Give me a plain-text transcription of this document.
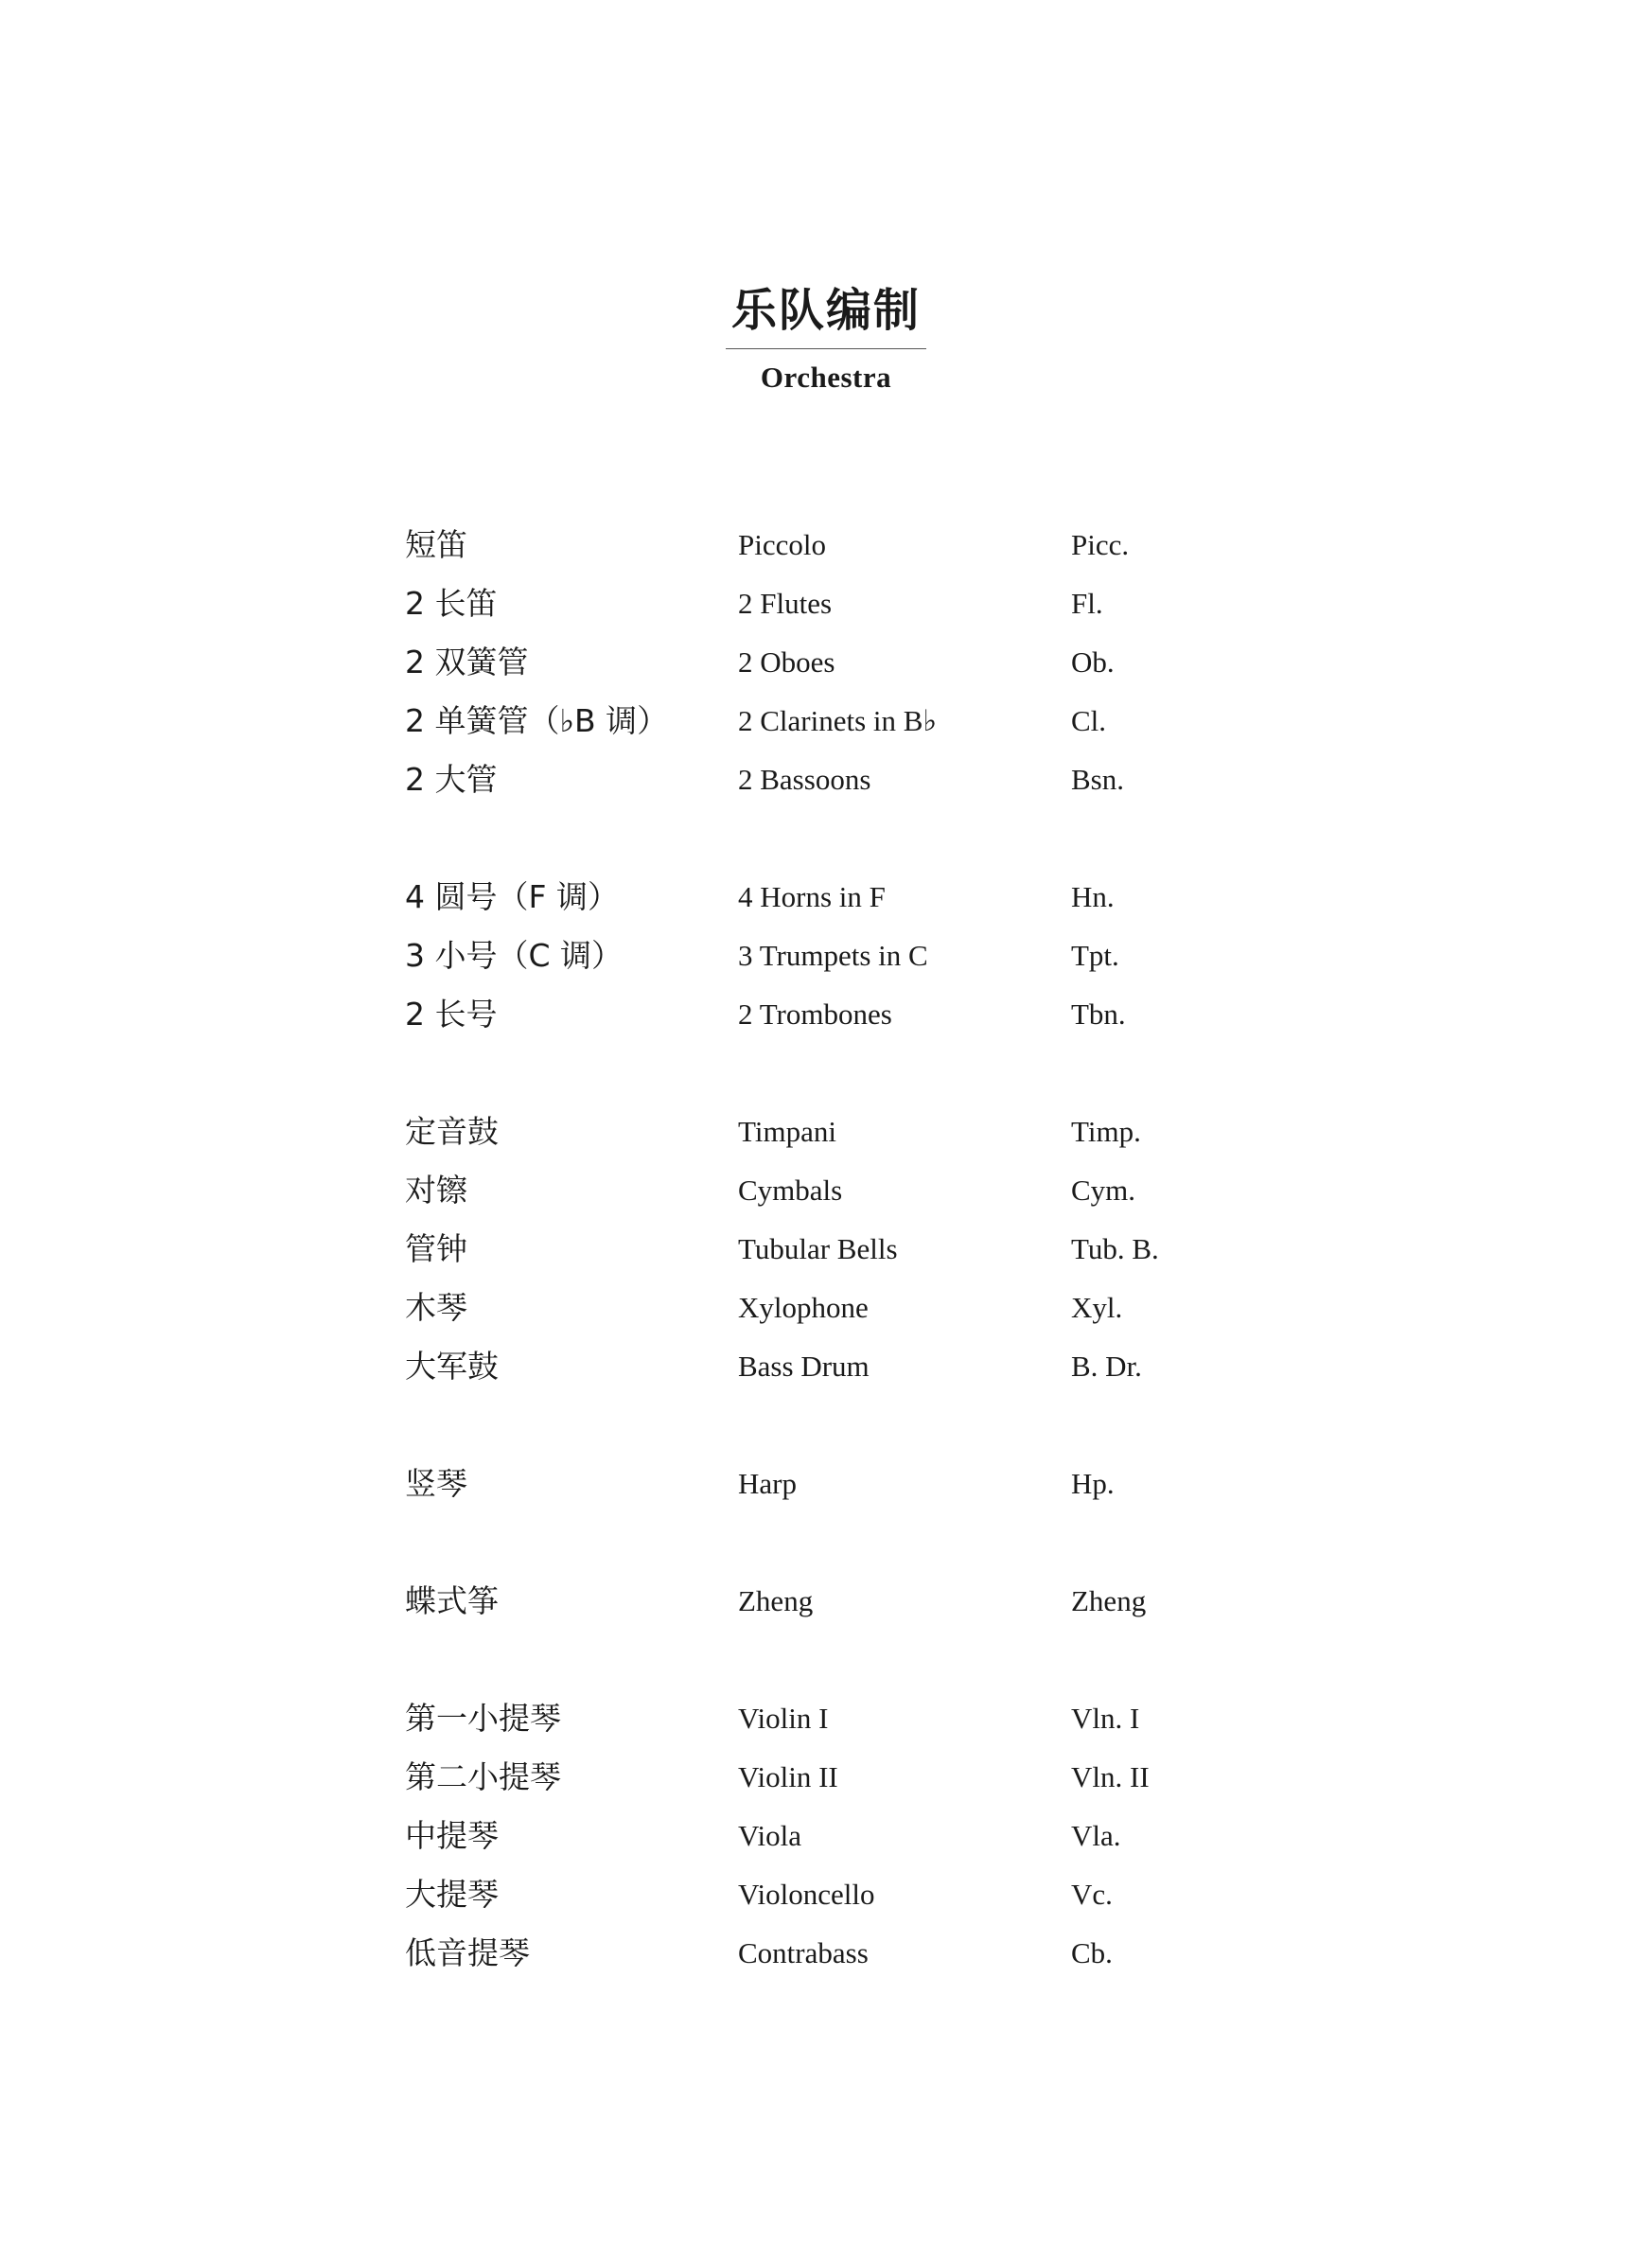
乐队编制
Orchestra
短笛	Piccolo	Picc.
2 长笛	2 Flutes	Fl.
2 双簧管	2 Oboes	Ob.
2 单簧管（♭B 调） 2 Clarinets in B♭	Cl.
2 大管	2 Bassoons	Bsn.
4 圆号（F 调）	4 Horns in F	Hn.
3 小号（C 调）	3 Trumpets in C	Tpt.
2 长号	2 Trombones	Tbn.
定音鼓	Timpani	Timp.
对镲	Cymbals	Cym.
管钟	Tubular Bells	Tub. B.
木琴	Xylophone	Xyl.
大军鼓	Bass Drum	B. Dr.
竖琴	Harp	Hp.
蝶式筝	Zheng	Zheng
第一小提琴	Violin I	Vln. I
第二小提琴	Violin II	Vln. II
中提琴	Viola	Vla.
大提琴	Violoncello	Vc.
低音提琴	Contrabass	Cb.
